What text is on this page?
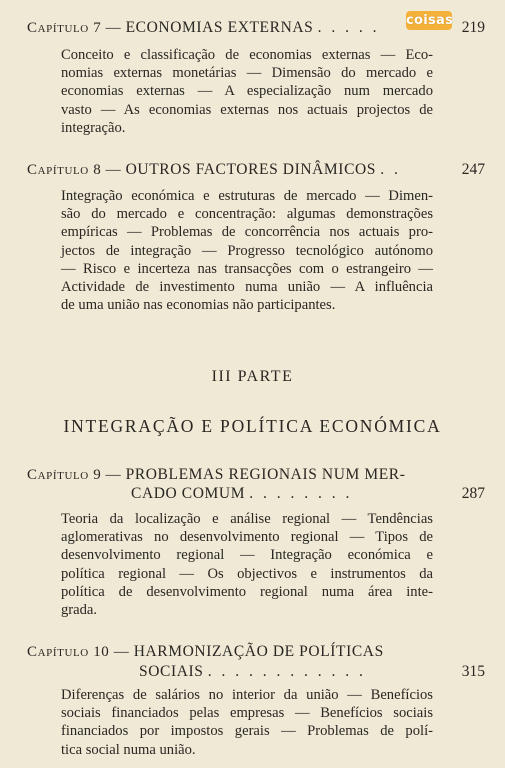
coisas
Capítulo 7 — ECONOMIAS EXTERNAS . . . . .	219
Conceito e classificação de economias externas — Eco-
nomias externas monetárias — Dimensão do mercado e
economias externas — A especialização num mercado
vasto — As economias externas nos actuais projectos de
integração.
Capítulo 8 — OUTROS FACTORES DINÂMICOS . .	247
Integração económica e estruturas de mercado — Dimen-
são do mercado e concentração: algumas demonstrações
empíricas — Problemas de concorrência nos actuais pro-
jectos de integração — Progresso tecnológico autónomo
— Risco e incerteza nas transacções com o estrangeiro —
Actividade de investimento numa união — A influência
de uma união nas economias não participantes.
III PARTE
INTEGRAÇÃO E POLÍTICA ECONÓMICA
Capítulo 9 — PROBLEMAS REGIONAIS NUM MER-
CADO COMUM . . . . . . . .	287
Teoria da localização e análise regional — Tendências
aglomerativas no desenvolvimento regional — Tipos de
desenvolvimento regional — Integração económica e
política regional — Os objectivos e instrumentos da
política de desenvolvimento regional numa área inte-
grada.
Capítulo 10 — HARMONIZAÇÃO DE POLÍTICAS
SOCIAIS . . . . . . . . . . . .	315
Diferenças de salários no interior da união — Benefícios
sociais financiados pelas empresas — Benefícios sociais
financiados por impostos gerais — Problemas de polí-
tica social numa união.
